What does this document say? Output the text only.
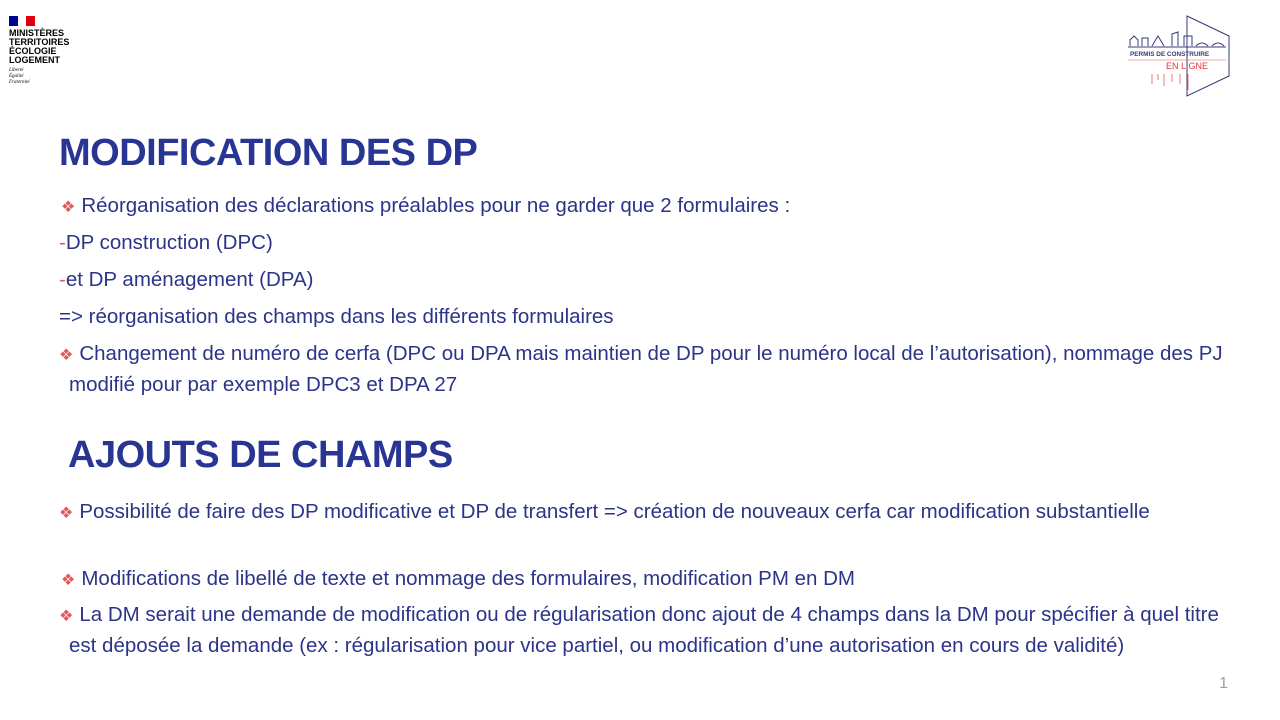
MINISTÈRES
TERRITOIRES
ÉCOLOGIE
LOGEMENT
Liberté
Égalité
Fraternité
PERMIS DE CONSTRUIRE
EN LIGNE
MODIFICATION DES DP
❖ Réorganisation des déclarations préalables pour ne garder que 2 formulaires :
-DP construction (DPC)
-et DP aménagement (DPA)
=> réorganisation des champs dans les différents formulaires
❖ Changement de numéro de cerfa (DPC ou DPA mais maintien de DP pour le numéro local de l’autorisation), nommage des PJ modifié pour par exemple DPC3 et DPA 27
AJOUTS DE CHAMPS
❖ Possibilité de faire des DP modificative et DP de transfert => création de nouveaux cerfa car modification substantielle
❖ Modifications de libellé de texte et nommage des formulaires, modification PM en DM
❖ La DM serait une demande de modification ou de régularisation donc ajout de 4 champs dans la DM pour spécifier à quel titre est déposée la demande (ex : régularisation pour vice partiel, ou modification d’une autorisation en cours de validité)
1
